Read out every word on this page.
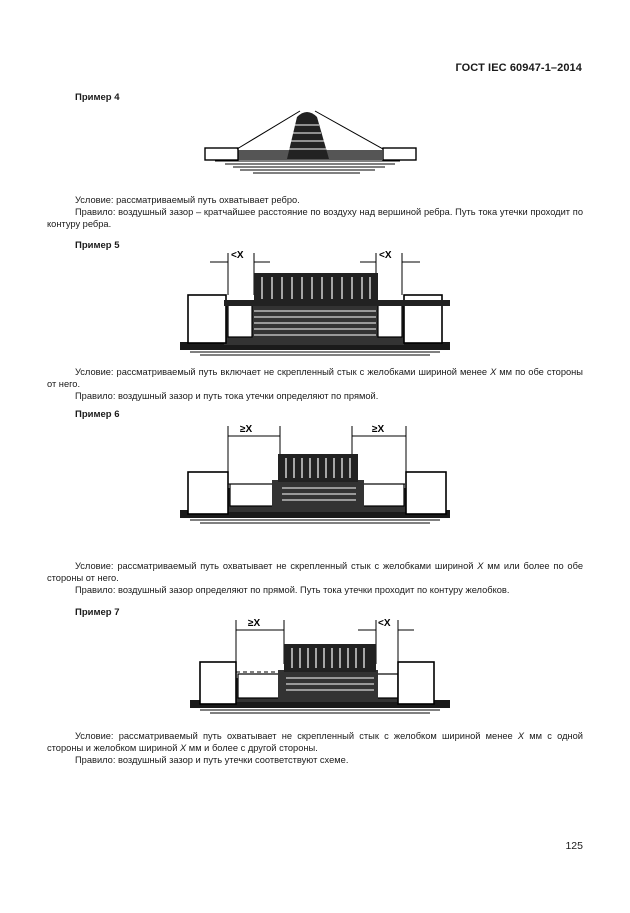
ГОСТ IEC 60947-1–2014
Пример 4

Условие: рассматриваемый путь охватывает ребро.

Правило: воздушный зазор – кратчайшее расстояние по воздуху над вершиной ребра. Путь тока утечки проходит по контуру ребра.

Пример 5
<X	<X

Условие: рассматриваемый путь включает не скрепленный стык с желобками шириной менее X мм по обе стороны от него.

Правило: воздушный зазор и путь тока утечки определяют по прямой.

Пример 6
≥X	≥X

Условие: рассматриваемый путь охватывает не скрепленный стык с желобками шириной X мм или более по обе стороны от него.

Правило: воздушный зазор определяют по прямой. Путь тока утечки проходит по контуру желобков.

Пример 7
≥X	<X

Условие: рассматриваемый путь охватывает не скрепленный стык с желобком шириной менее X мм с одной стороны и желобком шириной X мм и более с другой стороны.

Правило: воздушный зазор и путь утечки соответствуют схеме.

125
